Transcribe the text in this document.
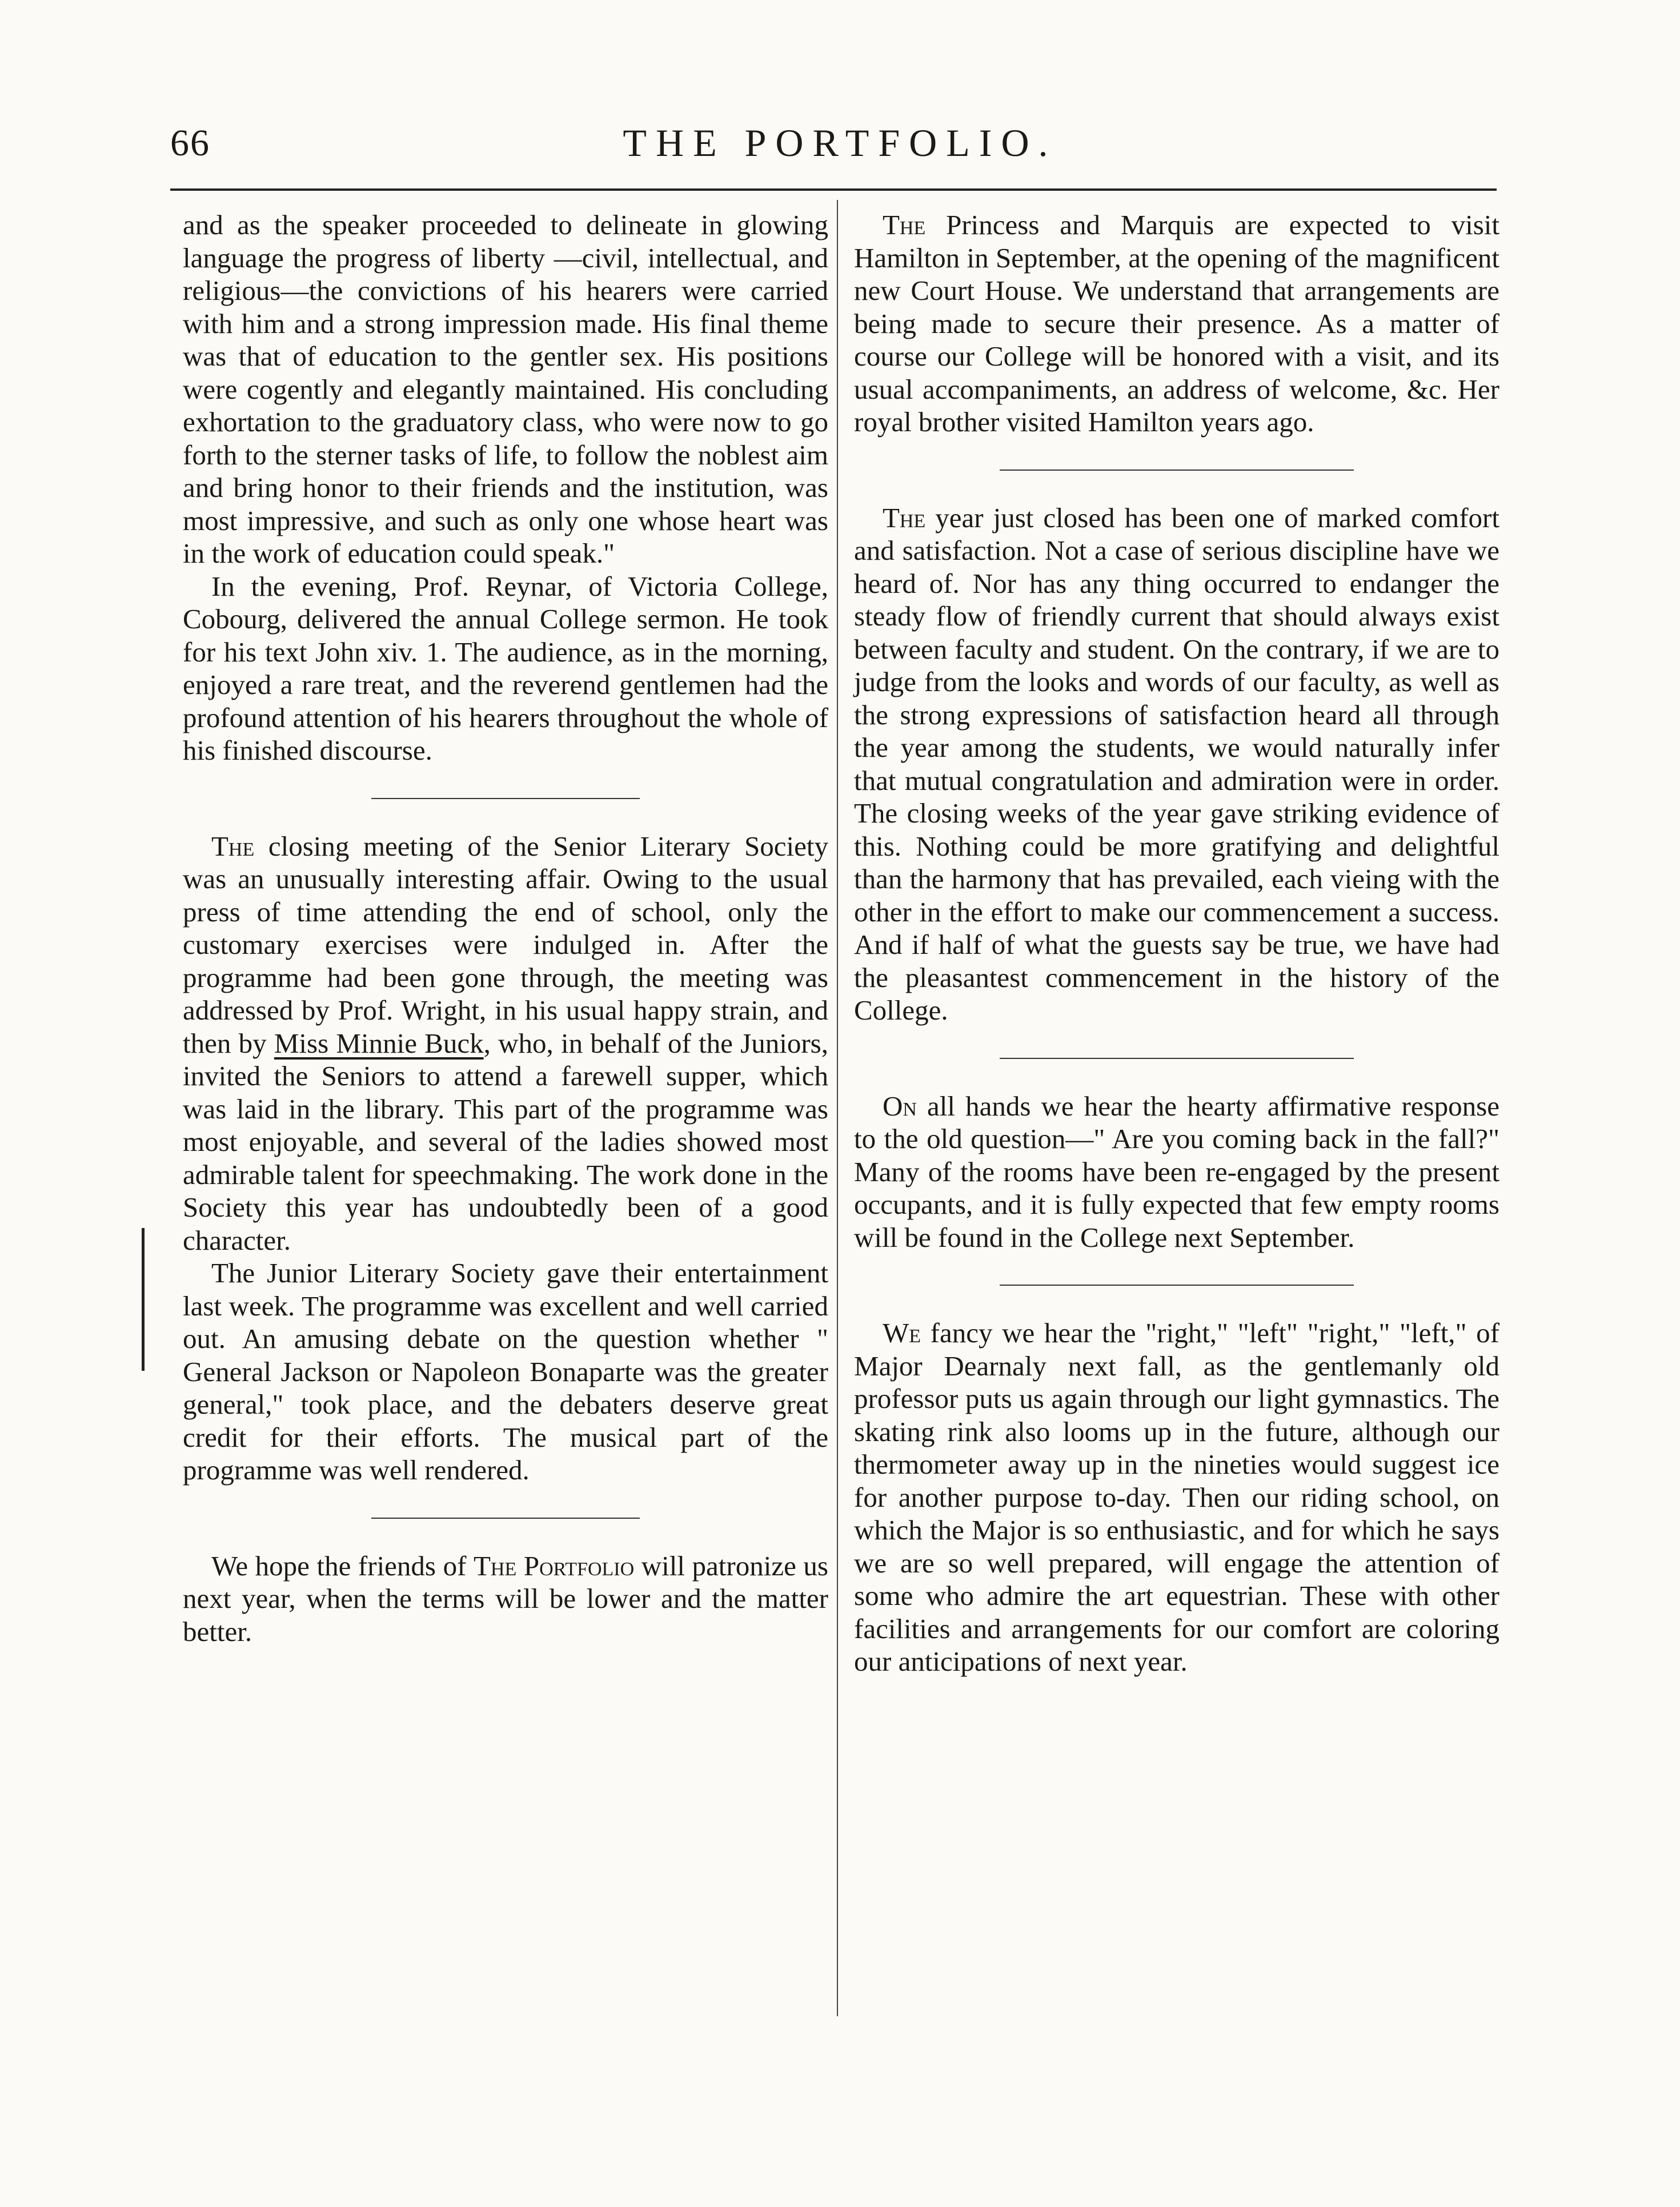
66	THE PORTFOLIO.

and as the speaker proceeded to delineate in glowing language the progress of liberty —civil, intellectual, and religious—the convictions of his hearers were carried with him and a strong impression made. His final theme was that of education to the gentler sex. His positions were cogently and elegantly maintained. His concluding exhortation to the graduatory class, who were now to go forth to the sterner tasks of life, to follow the noblest aim and bring honor to their friends and the institution, was most impressive, and such as only one whose heart was in the work of education could speak."

In the evening, Prof. Reynar, of Victoria College, Cobourg, delivered the annual College sermon. He took for his text John xiv. 1. The audience, as in the morning, enjoyed a rare treat, and the reverend gentlemen had the profound attention of his hearers throughout the whole of his finished discourse.

The closing meeting of the Senior Literary Society was an unusually interesting affair. Owing to the usual press of time attending the end of school, only the customary exercises were indulged in. After the programme had been gone through, the meeting was addressed by Prof. Wright, in his usual happy strain, and then by Miss Minnie Buck, who, in behalf of the Juniors, invited the Seniors to attend a farewell supper, which was laid in the library. This part of the programme was most enjoyable, and several of the ladies showed most admirable talent for speechmaking. The work done in the Society this year has undoubtedly been of a good character.

The Junior Literary Society gave their entertainment last week. The programme was excellent and well carried out. An amusing debate on the question whether " General Jackson or Napoleon Bonaparte was the greater general," took place, and the debaters deserve great credit for their efforts. The musical part of the programme was well rendered.

We hope the friends of The Portfolio will patronize us next year, when the terms will be lower and the matter better.

The Princess and Marquis are expected to visit Hamilton in September, at the opening of the magnificent new Court House. We understand that arrangements are being made to secure their presence. As a matter of course our College will be honored with a visit, and its usual accompaniments, an address of welcome, &c. Her royal brother visited Hamilton years ago.

The year just closed has been one of marked comfort and satisfaction. Not a case of serious discipline have we heard of. Nor has any thing occurred to endanger the steady flow of friendly current that should always exist between faculty and student. On the contrary, if we are to judge from the looks and words of our faculty, as well as the strong expressions of satisfaction heard all through the year among the students, we would naturally infer that mutual congratulation and admiration were in order. The closing weeks of the year gave striking evidence of this. Nothing could be more gratifying and delightful than the harmony that has prevailed, each vieing with the other in the effort to make our commencement a success. And if half of what the guests say be true, we have had the pleasantest commencement in the history of the College.

On all hands we hear the hearty affirmative response to the old question—" Are you coming back in the fall?" Many of the rooms have been re-engaged by the present occupants, and it is fully expected that few empty rooms will be found in the College next September.

We fancy we hear the "right," "left" "right," "left," of Major Dearnaly next fall, as the gentlemanly old professor puts us again through our light gymnastics. The skating rink also looms up in the future, although our thermometer away up in the nineties would suggest ice for another purpose to-day. Then our riding school, on which the Major is so enthusiastic, and for which he says we are so well prepared, will engage the attention of some who admire the art equestrian. These with other facilities and arrangements for our comfort are coloring our anticipations of next year.
